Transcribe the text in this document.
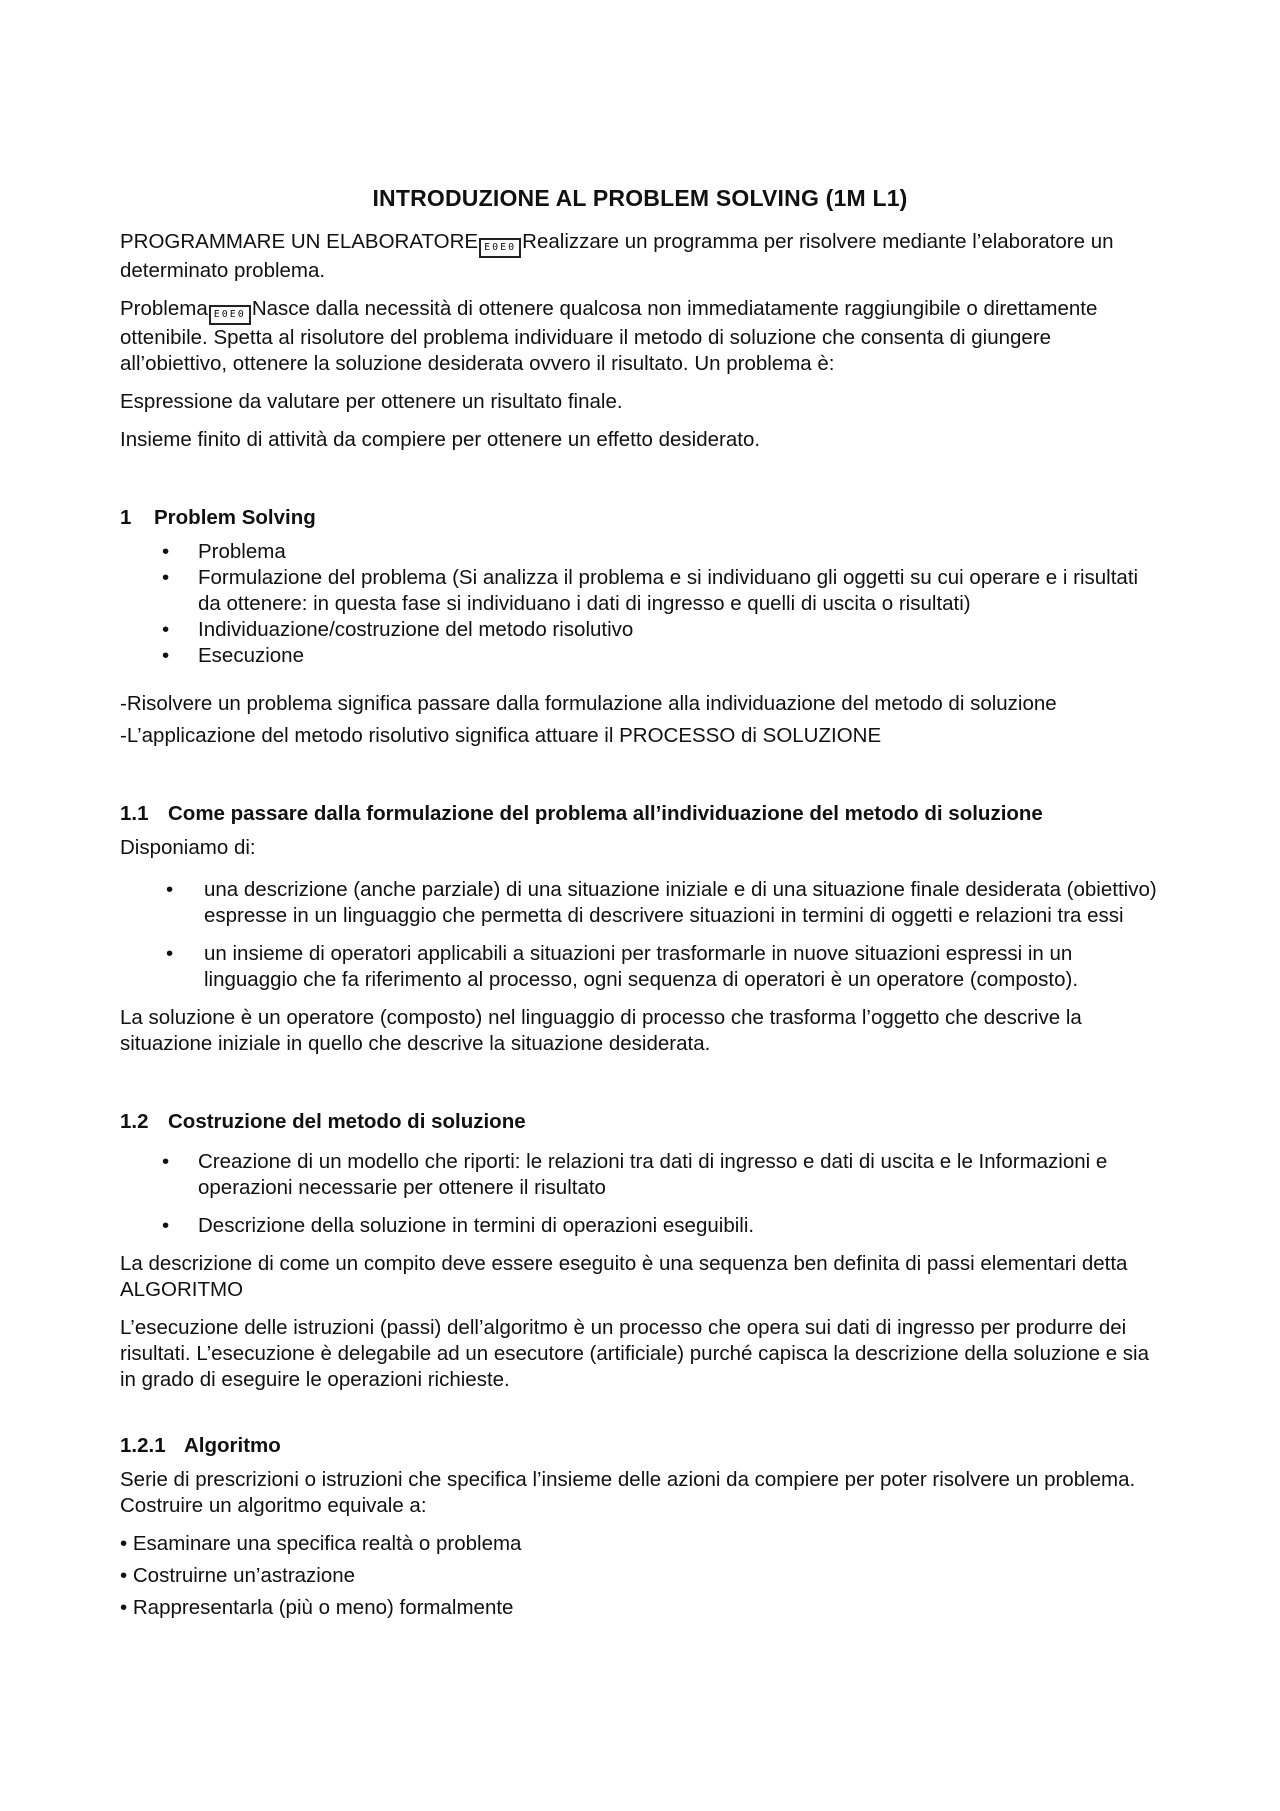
INTRODUZIONE AL PROBLEM SOLVING (1M L1)

PROGRAMMARE UN ELABORATORE E0E0 Realizzare un programma per risolvere mediante l’elaboratore un determinato problema.

Problema E0E0 Nasce dalla necessità di ottenere qualcosa non immediatamente raggiungibile o direttamente ottenibile. Spetta al risolutore del problema individuare il metodo di soluzione che consenta di giungere all’obiettivo, ottenere la soluzione desiderata ovvero il risultato. Un problema è:

Espressione da valutare per ottenere un risultato finale.

Insieme finito di attività da compiere per ottenere un effetto desiderato.

1 Problem Solving
• Problema
• Formulazione del problema (Si analizza il problema e si individuano gli oggetti su cui operare e i risultati da ottenere: in questa fase si individuano i dati di ingresso e quelli di uscita o risultati)
• Individuazione/costruzione del metodo risolutivo
• Esecuzione

-Risolvere un problema significa passare dalla formulazione alla individuazione del metodo di soluzione

-L’applicazione del metodo risolutivo significa attuare il PROCESSO di SOLUZIONE

1.1 Come passare dalla formulazione del problema all’individuazione del metodo di soluzione

Disponiamo di:

• una descrizione (anche parziale) di una situazione iniziale e di una situazione finale desiderata (obiettivo) espresse in un linguaggio che permetta di descrivere situazioni in termini di oggetti e relazioni tra essi
• un insieme di operatori applicabili a situazioni per trasformarle in nuove situazioni espressi in un linguaggio che fa riferimento al processo, ogni sequenza di operatori è un operatore (composto).

La soluzione è un operatore (composto) nel linguaggio di processo che trasforma l’oggetto che descrive la situazione iniziale in quello che descrive la situazione desiderata.

1.2 Costruzione del metodo di soluzione
• Creazione di un modello che riporti: le relazioni tra dati di ingresso e dati di uscita e le Informazioni e operazioni necessarie per ottenere il risultato
• Descrizione della soluzione in termini di operazioni eseguibili.

La descrizione di come un compito deve essere eseguito è una sequenza ben definita di passi elementari detta ALGORITMO

L’esecuzione delle istruzioni (passi) dell’algoritmo è un processo che opera sui dati di ingresso per produrre dei risultati. L’esecuzione è delegabile ad un esecutore (artificiale) purché capisca la descrizione della soluzione e sia in grado di eseguire le operazioni richieste.

1.2.1 Algoritmo

Serie di prescrizioni o istruzioni che specifica l’insieme delle azioni da compiere per poter risolvere un problema. Costruire un algoritmo equivale a:

• Esaminare una specifica realtà o problema

• Costruirne un’astrazione

• Rappresentarla (più o meno) formalmente
